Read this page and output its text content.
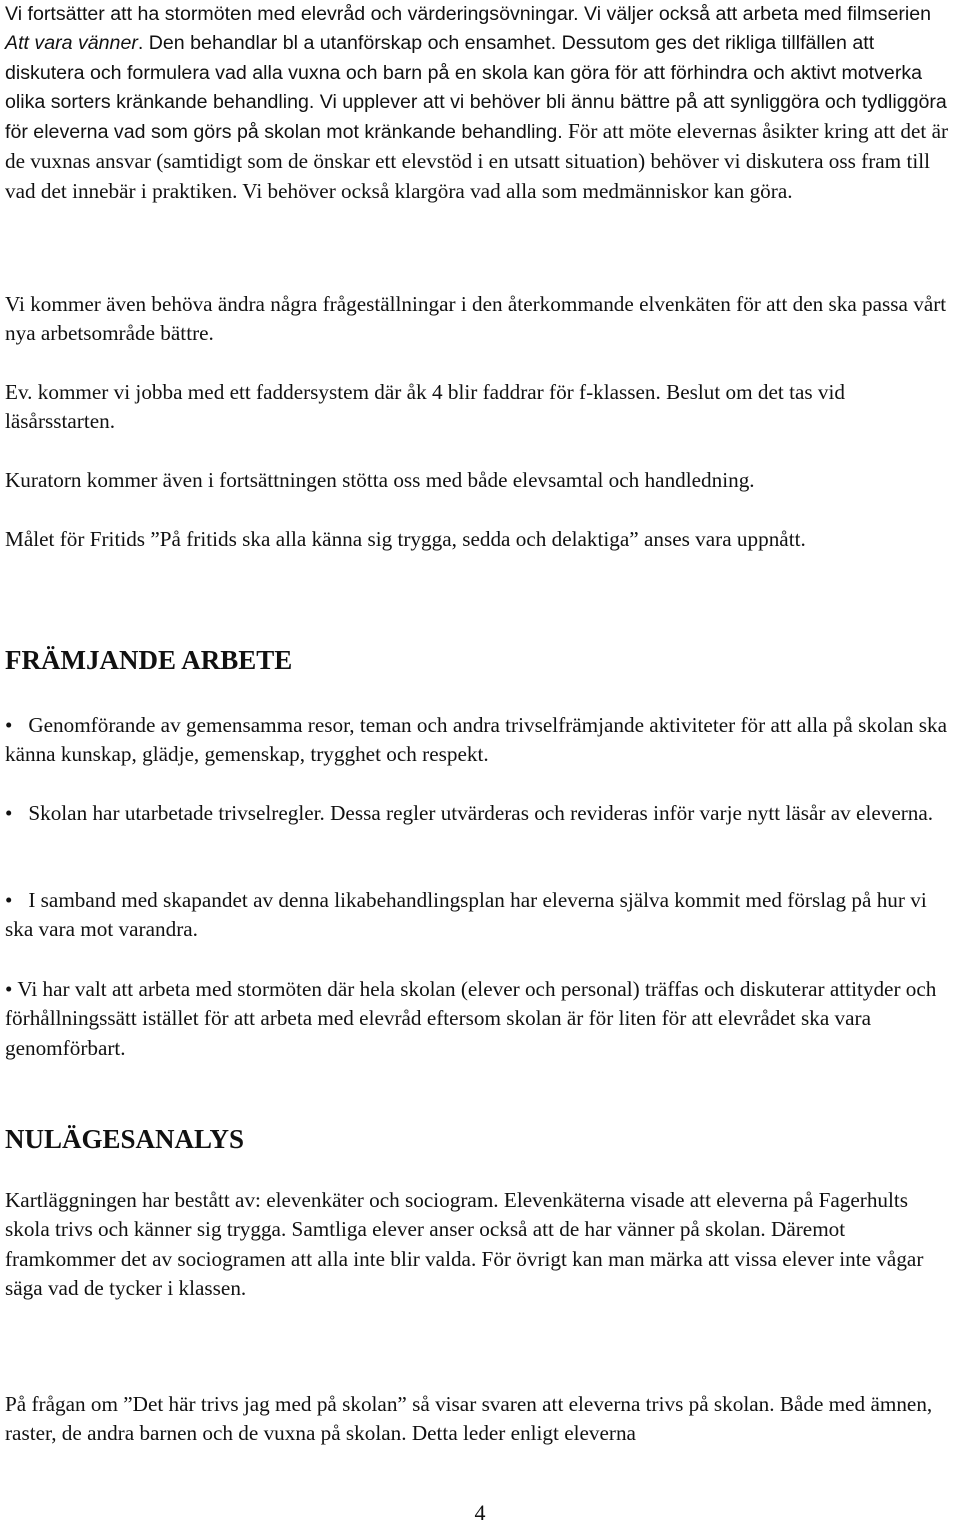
Vi fortsätter att ha stormöten med elevråd och värderingsövningar. Vi väljer också att arbeta med filmserien Att vara vänner. Den behandlar bl a utanförskap och ensamhet. Dessutom ges det rikliga tillfällen att diskutera och formulera vad alla vuxna och barn på en skola kan göra för att förhindra och aktivt motverka olika sorters kränkande behandling. Vi upplever att vi behöver bli ännu bättre på att synliggöra och tydliggöra för eleverna vad som görs på skolan mot kränkande behandling. För att möte elevernas åsikter kring att det är de vuxnas ansvar (samtidigt som de önskar ett elevstöd i en utsatt situation) behöver vi diskutera oss fram till vad det innebär i praktiken. Vi behöver också klargöra vad alla som medmänniskor kan göra.

Vi kommer även behöva ändra några frågeställningar i den återkommande elvenkäten för att den ska passa vårt nya arbetsområde bättre.

Ev. kommer vi jobba med ett faddersystem där åk 4 blir faddrar för f-klassen. Beslut om det tas vid läsårsstarten.

Kuratorn kommer även i fortsättningen stötta oss med både elevsamtal och handledning.

Målet för Fritids ”På fritids ska alla känna sig trygga, sedda och delaktiga” anses vara uppnått.

FRÄMJANDE ARBETE

• Genomförande av gemensamma resor, teman och andra trivselfrämjande aktiviteter för att alla på skolan ska känna kunskap, glädje, gemenskap, trygghet och respekt.

• Skolan har utarbetade trivselregler. Dessa regler utvärderas och revideras inför varje nytt läsår av eleverna.

• I samband med skapandet av denna likabehandlingsplan har eleverna själva kommit med förslag på hur vi ska vara mot varandra.

• Vi har valt att arbeta med stormöten där hela skolan (elever och personal) träffas och diskuterar attityder och förhållningssätt istället för att arbeta med elevråd eftersom skolan är för liten för att elevrådet ska vara genomförbart.

NULÄGESANALYS

Kartläggningen har bestått av: elevenkäter och sociogram. Elevenkäterna visade att eleverna på Fagerhults skola trivs och känner sig trygga. Samtliga elever anser också att de har vänner på skolan. Däremot framkommer det av sociogramen att alla inte blir valda. För övrigt kan man märka att vissa elever inte vågar säga vad de tycker i klassen.

På frågan om ”Det här trivs jag med på skolan” så visar svaren att eleverna trivs på skolan. Både med ämnen, raster, de andra barnen och de vuxna på skolan. Detta leder enligt eleverna

4
